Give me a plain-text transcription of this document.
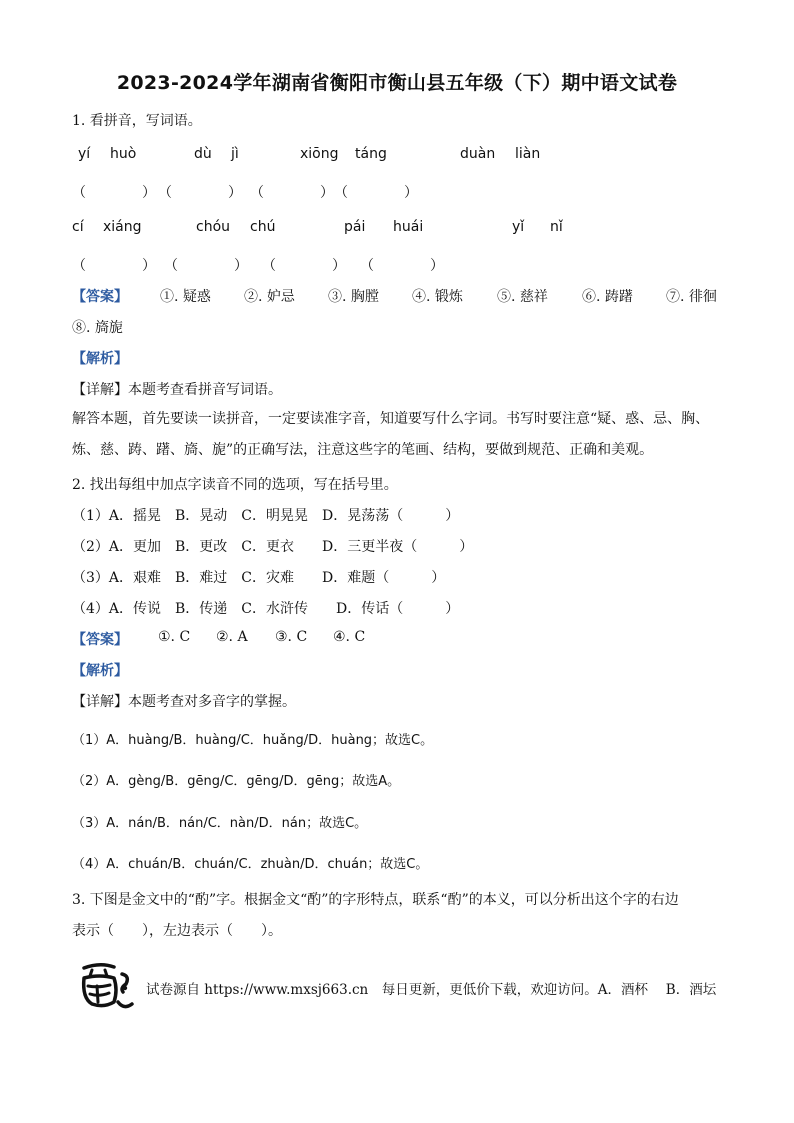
2023-2024学年湖南省衡阳市衡山县五年级（下）期中语文试卷
1. 看拼音，写词语。
yí huò	dù jì	xiōng táng	duàn liàn
（　　　　） （　　　　） （　　　　） （　　　　）
cí xiáng	chóu chú	pái huái	yǐ nǐ
（　　　　） （　　　　） （　　　　） （　　　　）
【答案】 ①. 疑惑 ②. 妒忌 ③. 胸膛 ④. 锻炼 ⑤. 慈祥 ⑥. 踌躇 ⑦. 徘徊
⑧. 旖旎
【解析】
【详解】本题考查看拼音写词语。
解答本题，首先要读一读拼音，一定要读准字音，知道要写什么字词。书写时要注意“疑、惑、忌、胸、炼、慈、踌、躇、旖、旎”的正确写法，注意这些字的笔画、结构，要做到规范、正确和美观。
2. 找出每组中加点字读音不同的选项，写在括号里。
（1）A．摇晃　B．晃动　C．明晃晃　D．晃荡荡（　　　）
（2）A．更加　B．更改　C．更衣　　D．三更半夜（　　　）
（3）A．艰难　B．难过　C．灾难　　D．难题（　　　）
（4）A．传说　B．传递　C．水浒传　　D．传话（　　　）
【答案】 ①. C ②. A ③. C ④. C
【解析】
【详解】本题考查对多音字的掌握。
（1）A．huàng/B．huàng/C．huǎng/D．huàng；故选C。
（2）A．gèng/B．gēng/C．gēng/D．gēng；故选A。
（3）A．nán/B．nán/C．nàn/D．nán；故选C。
（4）A．chuán/B．chuán/C．zhuàn/D．chuán；故选C。
3. 下图是金文中的“酌”字。根据金文“酌”的字形特点，联系“酌”的本义，可以分析出这个字的右边
表示（　　），左边表示（　　）。
试卷源自 https://www.mxsj663.cn　每日更新，更低价下载，欢迎访问。A．酒杯　 B．酒坛
